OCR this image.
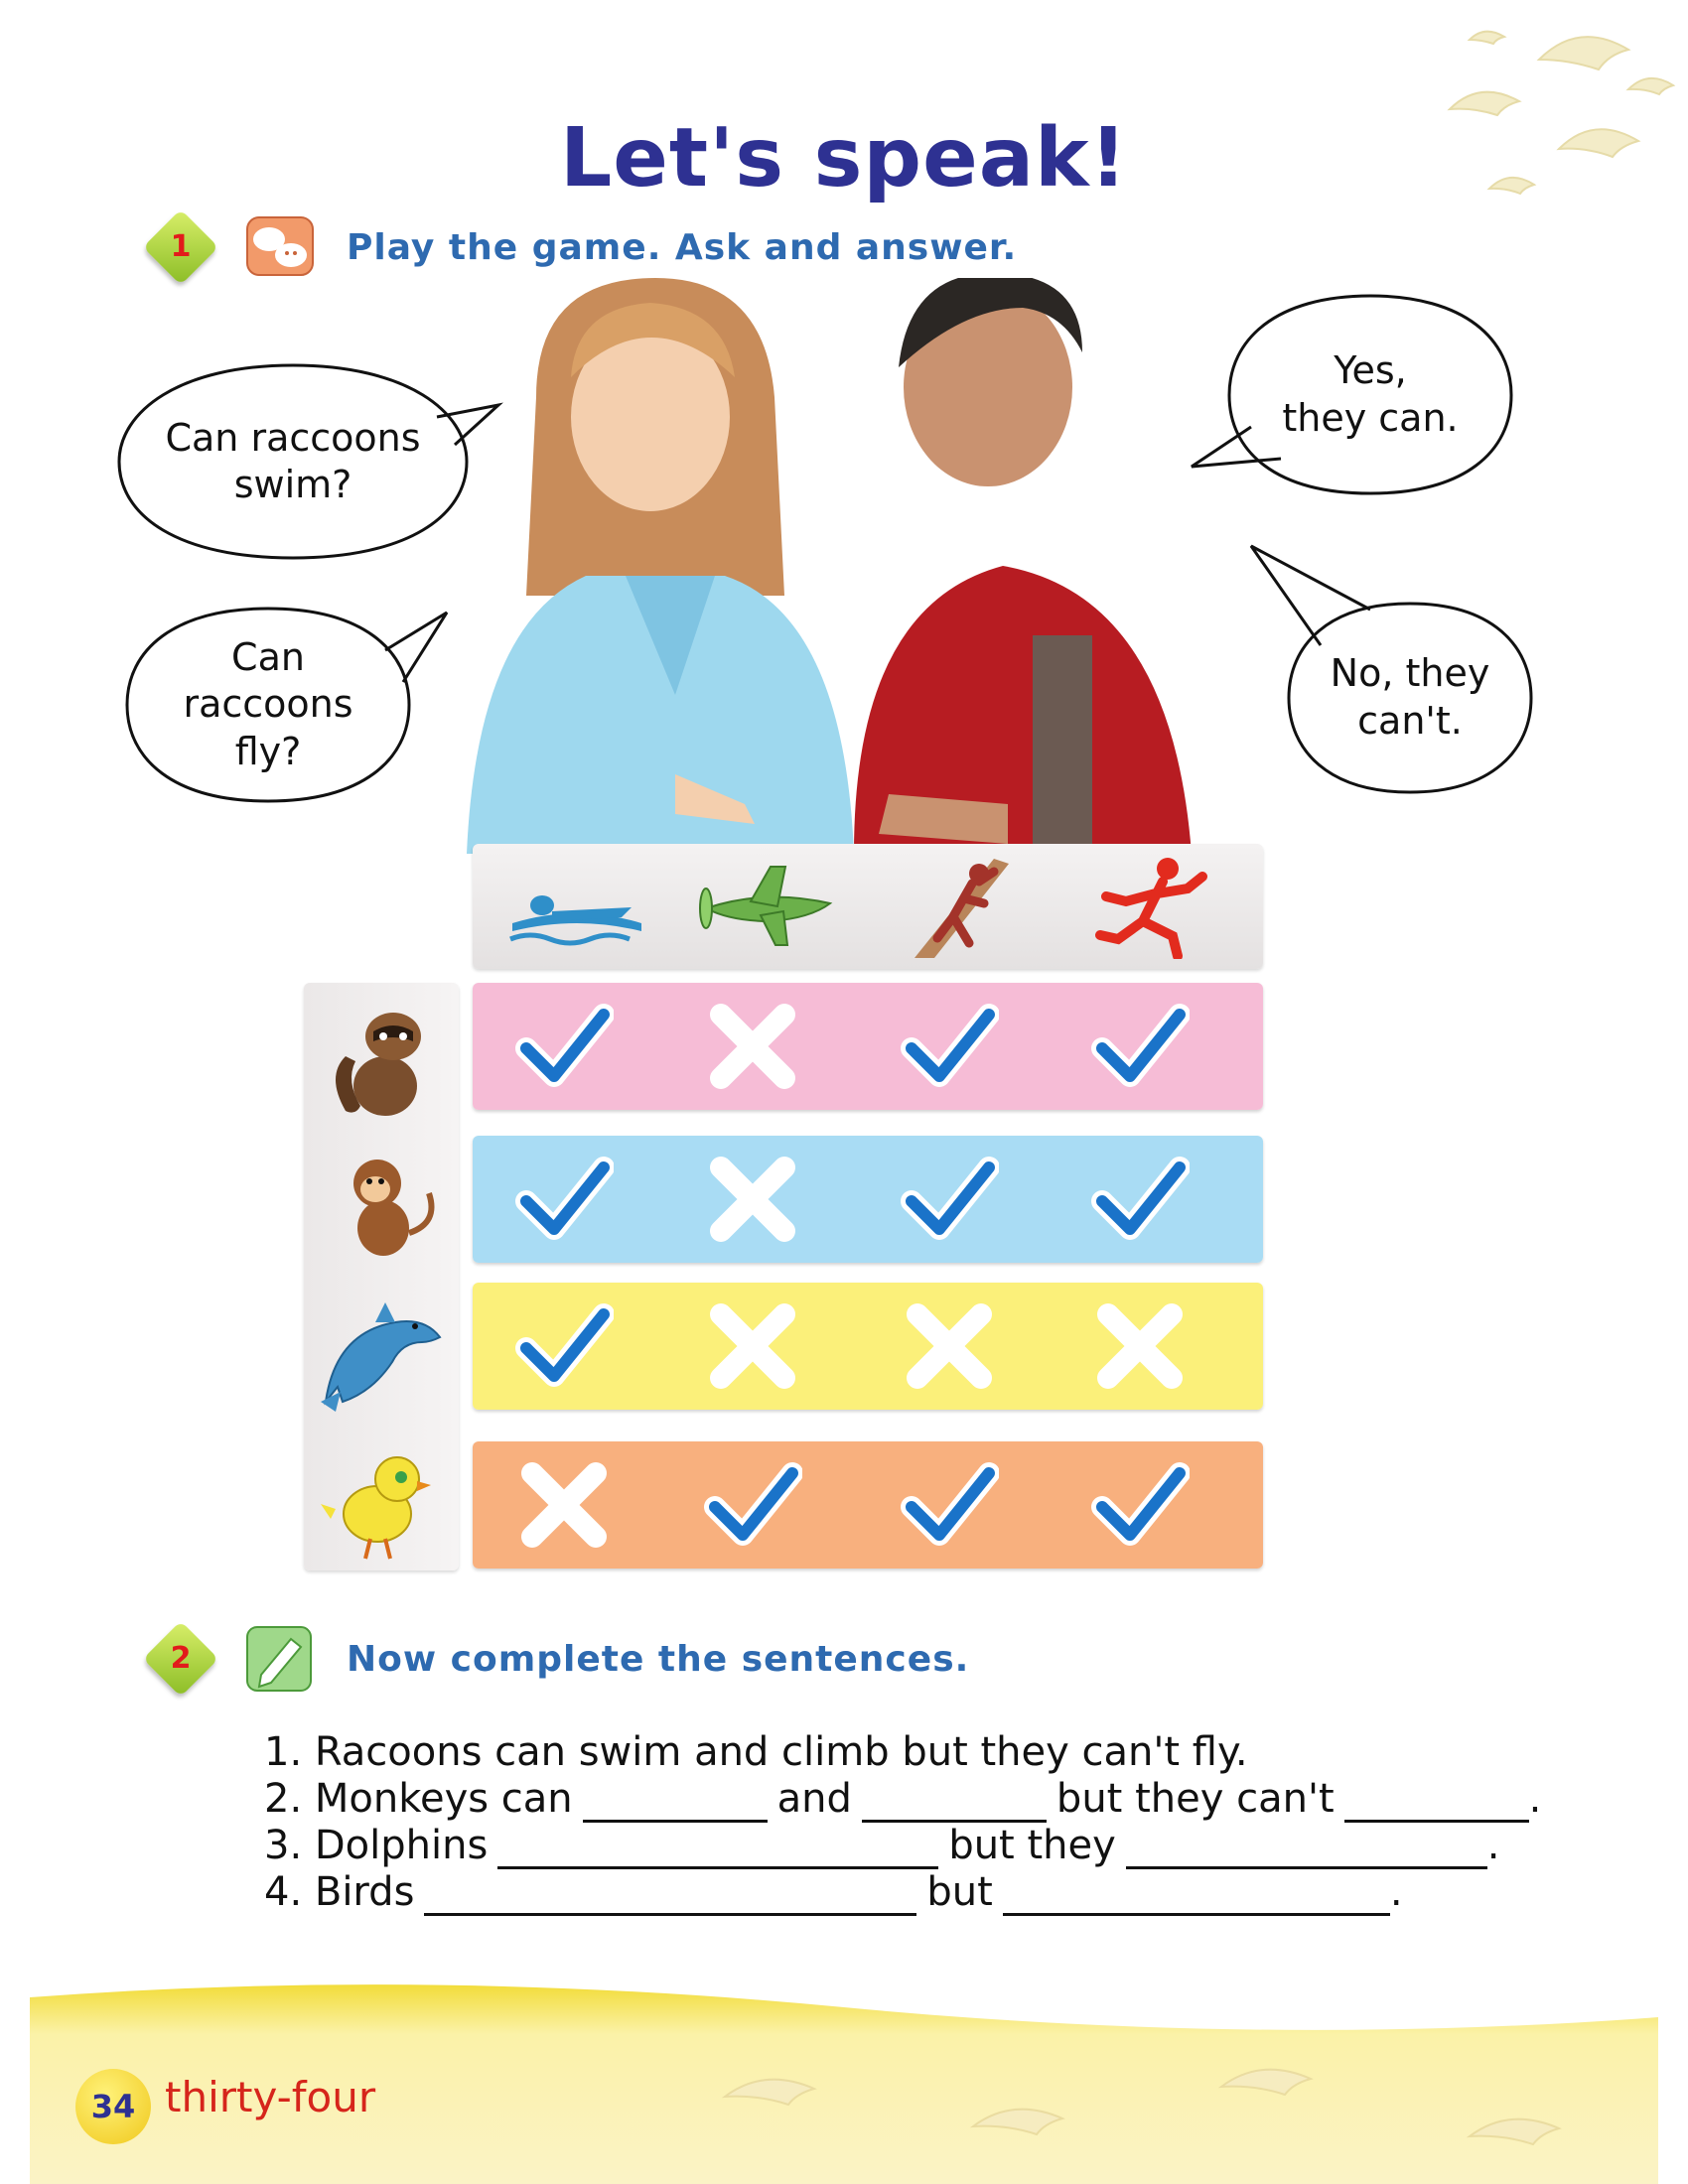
Let's speak!
1	Play the game. Ask and answer.
Can raccoons
swim?
Can
raccoons
fly?
Yes,
they can.
No, they
can't.
2	Now complete the sentences.
1. Racoons can swim and climb but they can't fly.
2. Monkeys can	and	but they can't	.
3. Dolphins	but they	.
4. Birds	but	.
34 thirty-four
